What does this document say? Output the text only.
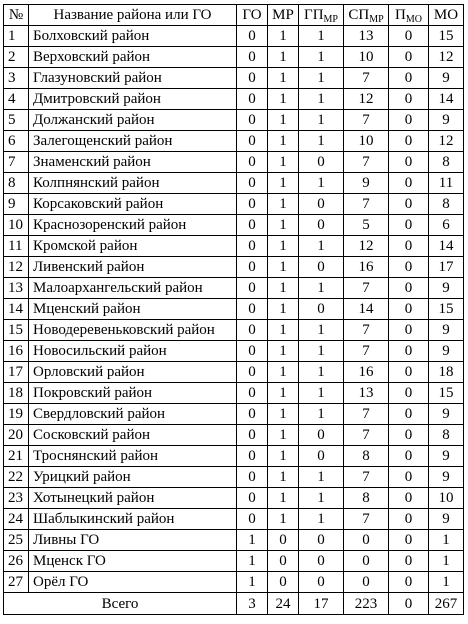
№	Название района или ГО	ГО	МР	$ГП_{МР}$	$СП_{МР}$	$П_{МО}$	МО
1	Болховский район	0	1	1	13	0	15
2	Верховский район	0	1	1	10	0	12
3	Глазуновский район	0	1	1	7	0	9
4	Дмитровский район	0	1	1	12	0	14
5	Должанский район	0	1	1	7	0	9
6	Залегощенский район	0	1	1	10	0	12
7	Знаменский район	0	1	0	7	0	8
8	Колпнянский район	0	1	1	9	0	11
9	Корсаковский район	0	1	0	7	0	8
10	Краснозоренский район	0	1	0	5	0	6
11	Кромской район	0	1	1	12	0	14
12	Ливенский район	0	1	0	16	0	17
13	Малоархангельский район	0	1	1	7	0	9
14	Мценский район	0	1	0	14	0	15
15	Новодеревеньковский район	0	1	1	7	0	9
16	Новосильский район	0	1	1	7	0	9
17	Орловский район	0	1	1	16	0	18
18	Покровский район	0	1	1	13	0	15
19	Свердловский район	0	1	1	7	0	9
20	Сосковский район	0	1	0	7	0	8
21	Троснянский район	0	1	0	8	0	9
22	Урицкий район	0	1	1	7	0	9
23	Хотынецкий район	0	1	1	8	0	10
24	Шаблыкинский район	0	1	1	7	0	9
25	Ливны ГО	1	0	0	0	0	1
26	Мценск ГО	1	0	0	0	0	1
27	Орёл ГО	1	0	0	0	0	1
Всего		3	24	17	223	0	267
